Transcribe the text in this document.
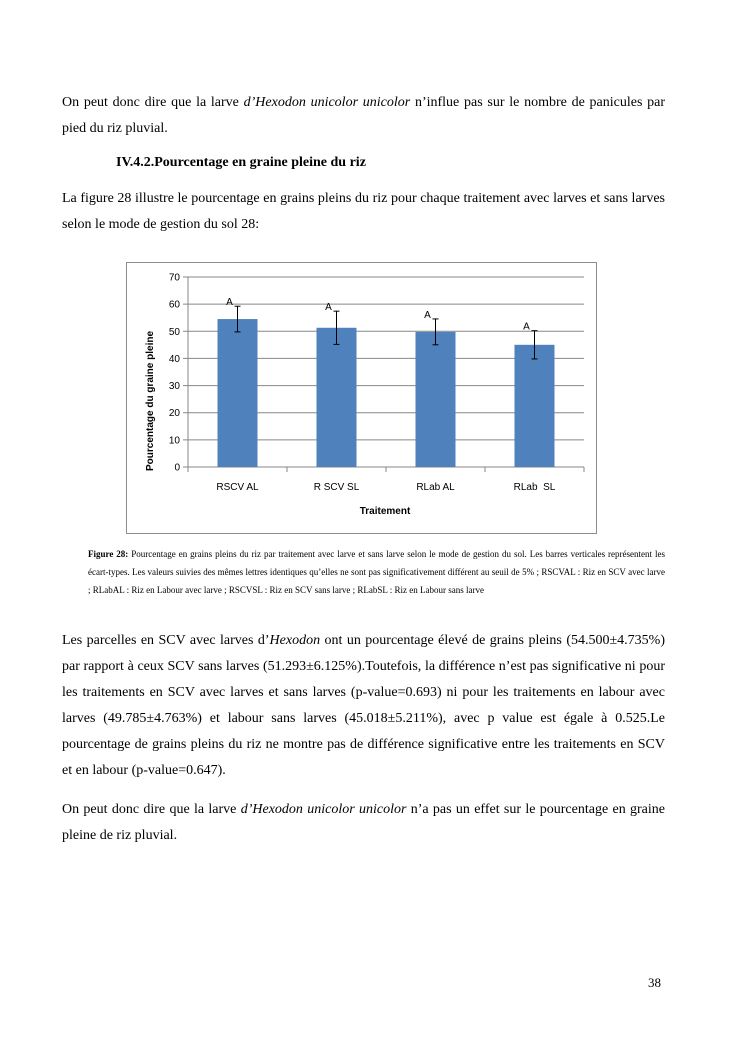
On peut donc dire que la larve d’Hexodon unicolor unicolor n’influe pas sur le nombre de panicules par pied du riz pluvial.

IV.4.2.Pourcentage en graine pleine du riz

La figure 28 illustre le pourcentage en grains pleins du riz pour chaque traitement avec larves et sans larves selon le mode de gestion du sol 28:

A	A
A
A
0
10
20
30
40
50
60
70
RSCV AL	R SCV SL	RLab AL	RLab  SL
Pourcentage du graine pleine
Traitement

Figure 28: Pourcentage en grains pleins du riz par traitement avec larve et sans larve selon le mode de gestion du sol. Les barres verticales représentent les écart-types. Les valeurs suivies des mêmes lettres identiques qu’elles ne sont pas significativement différent au seuil de 5% ; RSCVAL : Riz en SCV avec larve ; RLabAL : Riz en Labour avec larve ; RSCVSL : Riz en SCV sans larve ; RLabSL : Riz en Labour sans larve

Les parcelles en SCV avec larves d’Hexodon ont un pourcentage élevé de grains pleins (54.500±4.735%) par rapport à ceux SCV sans larves (51.293±6.125%).Toutefois, la différence n’est pas significative ni pour les traitements en SCV avec larves et sans larves (p-value=0.693) ni pour les traitements en labour avec larves (49.785±4.763%) et labour sans larves (45.018±5.211%), avec p value est égale à 0.525.Le pourcentage de grains pleins du riz ne montre pas de différence significative entre les traitements en SCV et en labour (p-value=0.647).

On peut donc dire que la larve d’Hexodon unicolor unicolor n’a pas un effet sur le pourcentage en graine pleine de riz pluvial.

38
